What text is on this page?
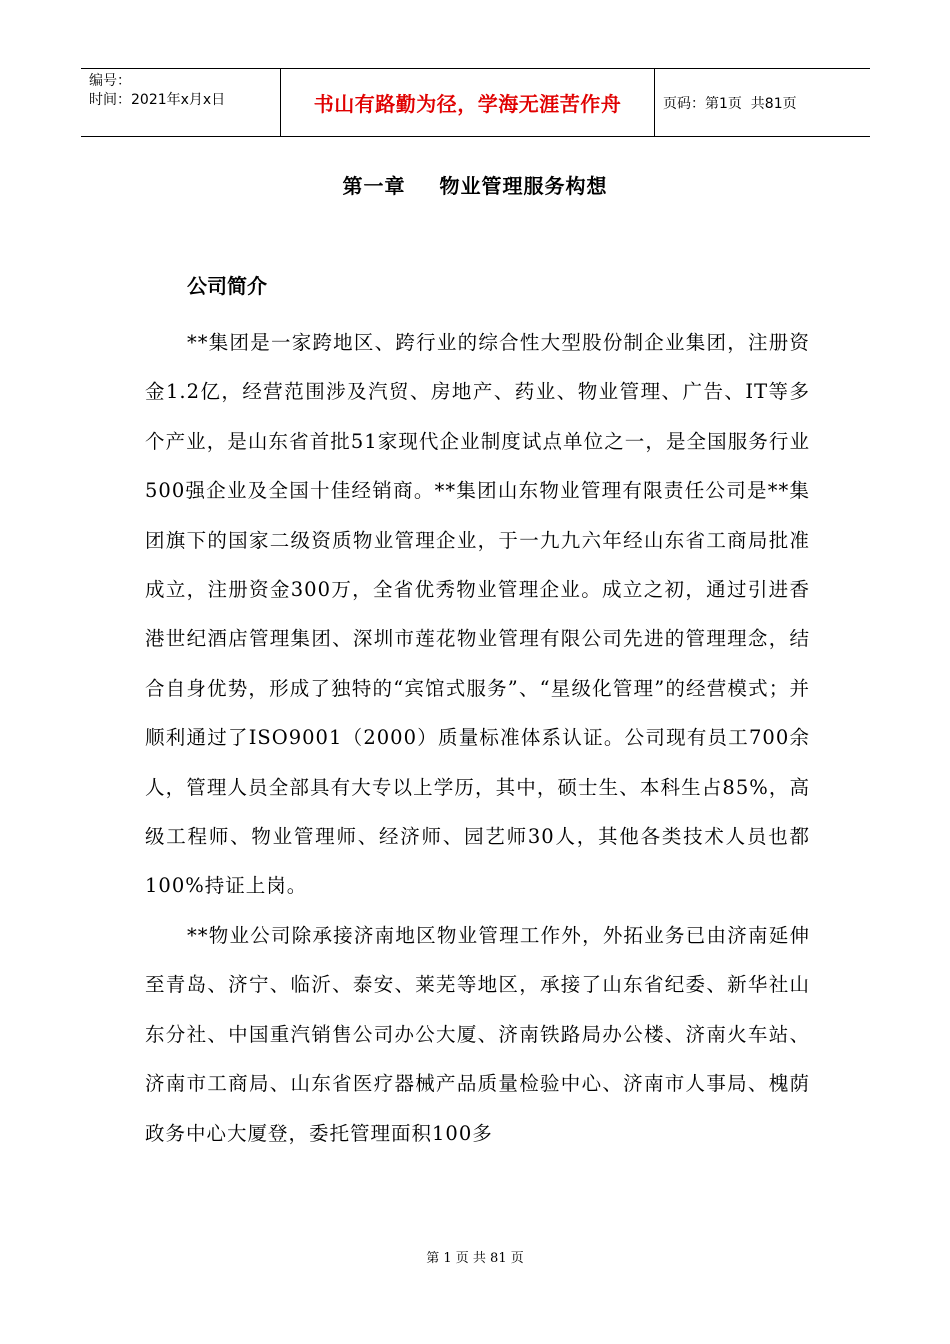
编号：
时间：2021年x月x日	书山有路勤为径，学海无涯苦作舟	页码：第1页  共81页
第一章 物业管理服务构想
公司简介

**集团是一家跨地区、跨行业的综合性大型股份制企业集团，注册资金1.2亿，经营范围涉及汽贸、房地产、药业、物业管理、广告、IT等多个产业，是山东省首批51家现代企业制度试点单位之一，是全国服务行业500强企业及全国十佳经销商。**集团山东物业管理有限责任公司是**集团旗下的国家二级资质物业管理企业，于一九九六年经山东省工商局批准成立，注册资金300万，全省优秀物业管理企业。成立之初，通过引进香港世纪酒店管理集团、深圳市莲花物业管理有限公司先进的管理理念，结合自身优势，形成了独特的“宾馆式服务”、“星级化管理”的经营模式；并顺利通过了ISO9001（2000）质量标准体系认证。公司现有员工700余人，管理人员全部具有大专以上学历，其中，硕士生、本科生占85%，高级工程师、物业管理师、经济师、园艺师30人，其他各类技术人员也都100%持证上岗。

**物业公司除承接济南地区物业管理工作外，外拓业务已由济南延伸至青岛、济宁、临沂、泰安、莱芜等地区，承接了山东省纪委、新华社山东分社、中国重汽销售公司办公大厦、济南铁路局办公楼、济南火车站、济南市工商局、山东省医疗器械产品质量检验中心、济南市人事局、槐荫政务中心大厦登，委托管理面积100多

第 1 页 共 81 页
